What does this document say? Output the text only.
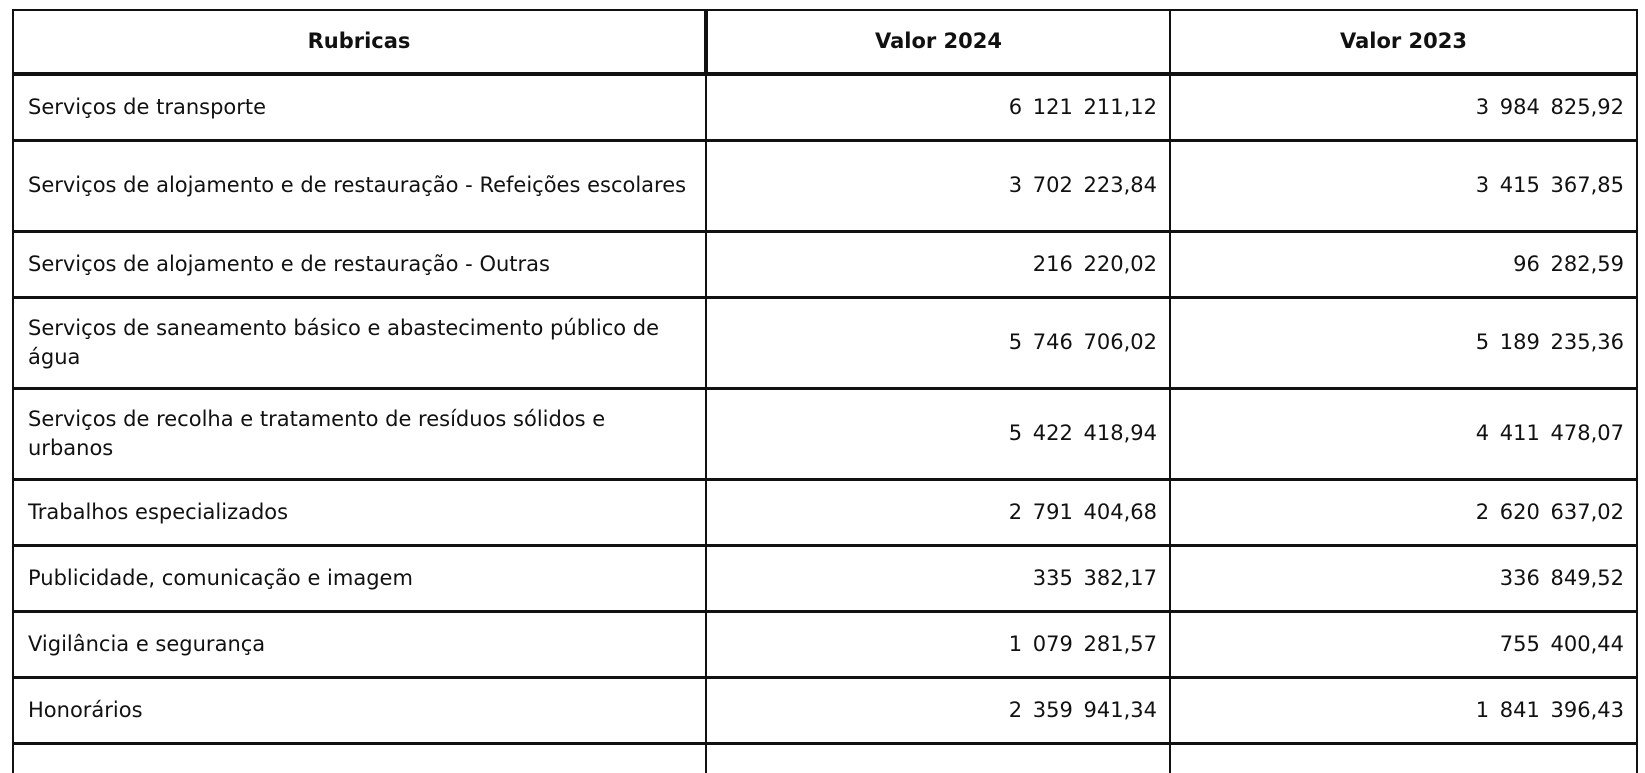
Rubricas	Valor 2024	Valor 2023
Serviços de transporte	6 121 211,12	3 984 825,92
Serviços de alojamento e de restauração - Refeições escolares	3 702 223,84	3 415 367,85
Serviços de alojamento e de restauração - Outras	216 220,02	96 282,59
Serviços de saneamento básico e abastecimento público de água	5 746 706,02	5 189 235,36
Serviços de recolha e tratamento de resíduos sólidos e urbanos	5 422 418,94	4 411 478,07
Trabalhos especializados	2 791 404,68	2 620 637,02
Publicidade, comunicação e imagem	335 382,17	336 849,52
Vigilância e segurança	1 079 281,57	755 400,44
Honorários	2 359 941,34	1 841 396,43
